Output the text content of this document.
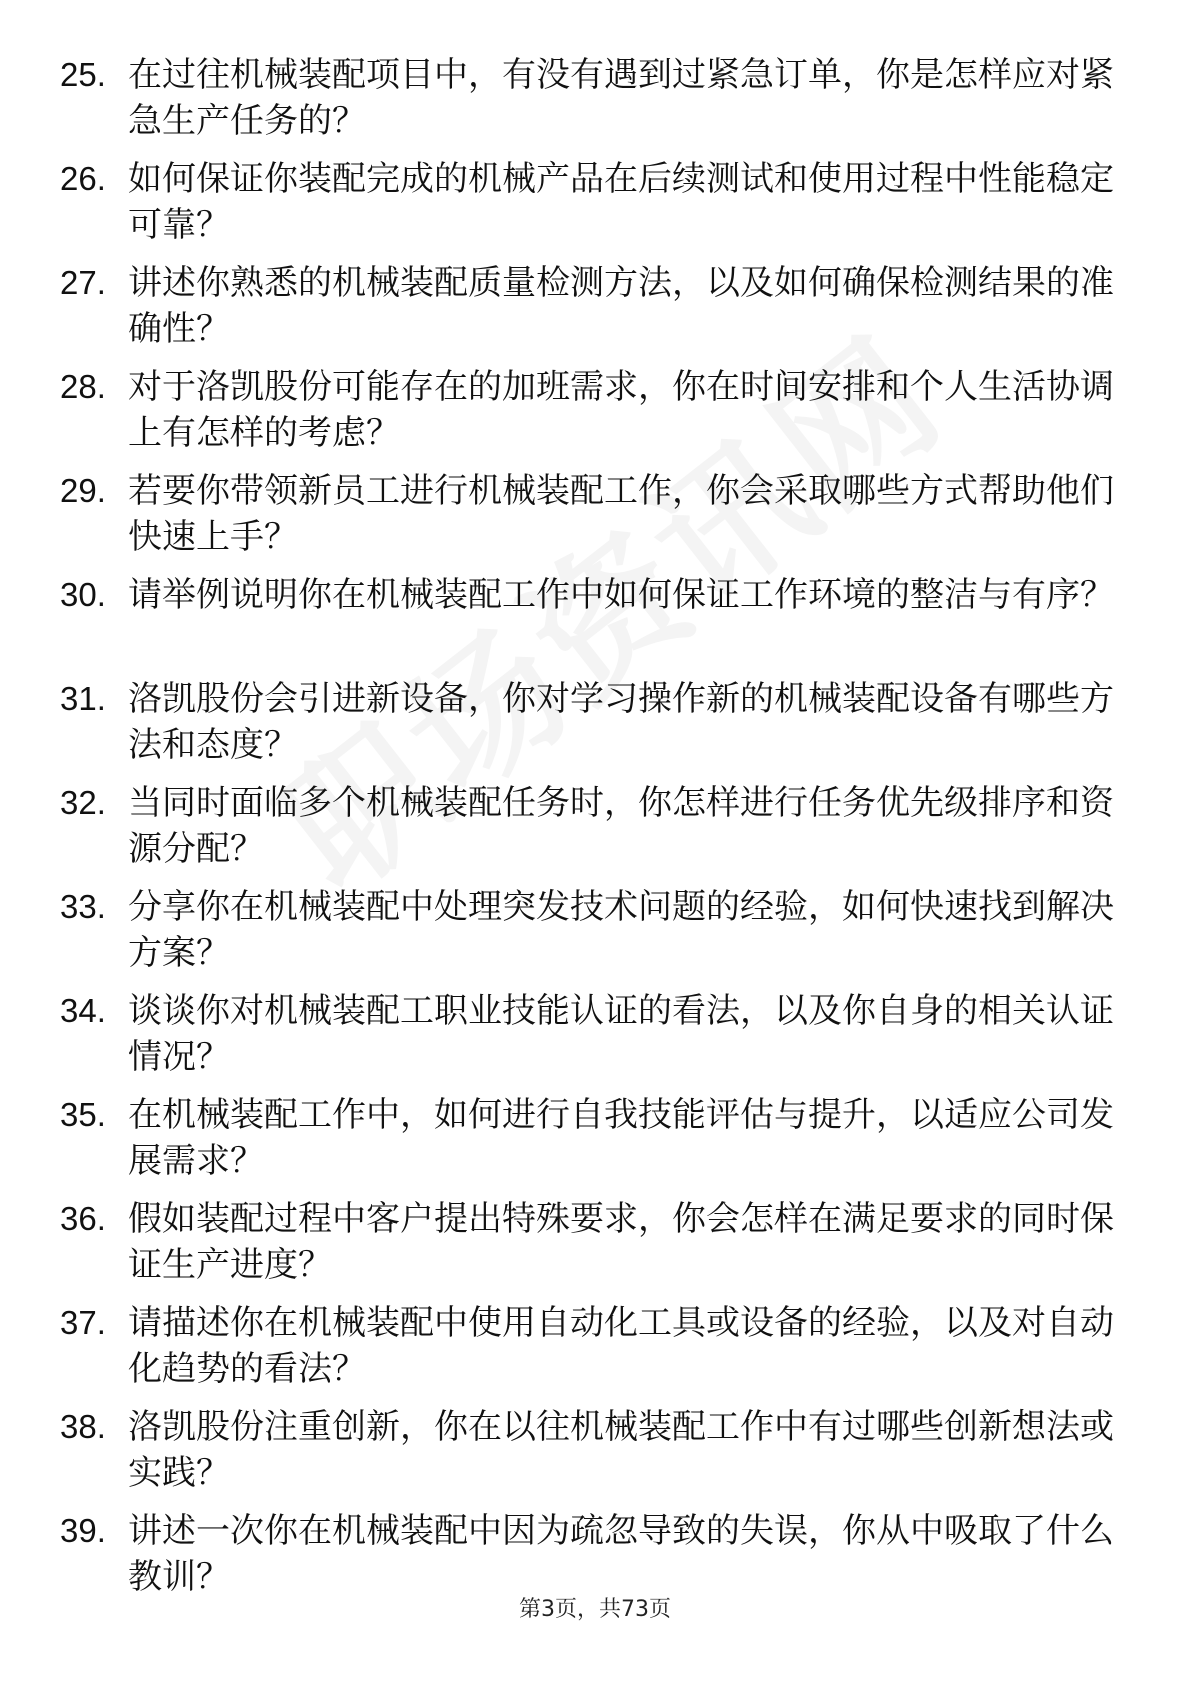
25. 在过往机械装配项目中，有没有遇到过紧急订单，你是怎样应对紧急生产任务的？
26. 如何保证你装配完成的机械产品在后续测试和使用过程中性能稳定可靠？
27. 讲述你熟悉的机械装配质量检测方法，以及如何确保检测结果的准确性？
28. 对于洛凯股份可能存在的加班需求，你在时间安排和个人生活协调上有怎样的考虑？
29. 若要你带领新员工进行机械装配工作，你会采取哪些方式帮助他们快速上手？
30. 请举例说明你在机械装配工作中如何保证工作环境的整洁与有序？
31. 洛凯股份会引进新设备，你对学习操作新的机械装配设备有哪些方法和态度？
32. 当同时面临多个机械装配任务时，你怎样进行任务优先级排序和资源分配？
33. 分享你在机械装配中处理突发技术问题的经验，如何快速找到解决方案？
34. 谈谈你对机械装配工职业技能认证的看法，以及你自身的相关认证情况？
35. 在机械装配工作中，如何进行自我技能评估与提升，以适应公司发展需求？
36. 假如装配过程中客户提出特殊要求，你会怎样在满足要求的同时保证生产进度？
37. 请描述你在机械装配中使用自动化工具或设备的经验，以及对自动化趋势的看法？
38. 洛凯股份注重创新，你在以往机械装配工作中有过哪些创新想法或实践？
39. 讲述一次你在机械装配中因为疏忽导致的失误，你从中吸取了什么教训？
第3页，共73页
